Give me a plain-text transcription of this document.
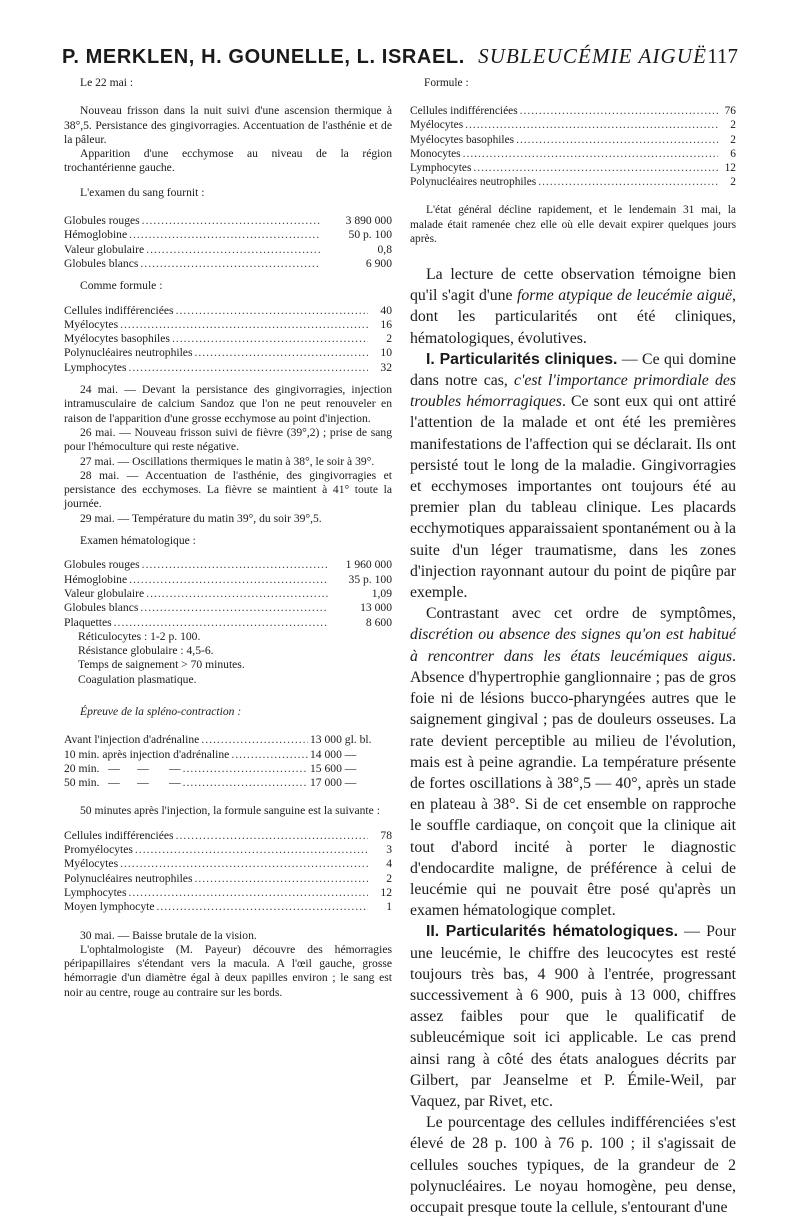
P. MERKLEN, H. GOUNELLE, L. ISRAEL. SUBLEUCÉMIE AIGUË 117

Le 22 mai :

Nouveau frisson dans la nuit suivi d'une ascension thermique à 38°,5. Persistance des gingivorragies. Accentuation de l'asthénie et de la pâleur.

Apparition d'une ecchymose au niveau de la région trochantérienne gauche.

L'examen du sang fournit :

Globules rouges .....	3 890 000
Hémoglobine .....	50 p. 100
Valeur globulaire .....	0,8
Globules blancs .....	6 900

Comme formule :

Cellules indifférenciées .....	40
Myélocytes .....	16
Myélocytes basophiles .....	2
Polynucléaires neutrophiles .....	10
Lymphocytes .....	32

24 mai. — Devant la persistance des gingivorragies, injection intramusculaire de calcium Sandoz que l'on ne peut renouveler en raison de l'apparition d'une grosse ecchymose au point d'injection.

26 mai. — Nouveau frisson suivi de fièvre (39°,2) ; prise de sang pour l'hémoculture qui reste négative.

27 mai. — Oscillations thermiques le matin à 38°, le soir à 39°.

28 mai. — Accentuation de l'asthénie, des gingivorragies et persistance des ecchymoses. La fièvre se maintient à 41° toute la journée.

29 mai. — Température du matin 39°, du soir 39°,5.

Examen hématologique :

Globules rouges .....	1 960 000
Hémoglobine .....	35 p. 100
Valeur globulaire .....	1,09
Globules blancs .....	13 000
Plaquettes .....	8 600

Réticulocytes : 1-2 p. 100.

Résistance globulaire : 4,5-6.

Temps de saignement > 70 minutes.

Coagulation plasmatique.

Épreuve de la spléno-contraction :

Avant l'injection d'adrénaline .....	13 000 gl. bl.
10 min. après injection d'adrénaline .....	14 000 —
20 min.   —      —       — .....	15 600 —
50 min.   —      —       — .....	17 000 —

50 minutes après l'injection, la formule sanguine est la suivante :

Cellules indifférenciées .....	78
Promyélocytes .....	3
Myélocytes .....	4
Polynucléaires neutrophiles .....	2
Lymphocytes .....	12
Moyen lymphocyte .....	1

30 mai. — Baisse brutale de la vision.

L'ophtalmologiste (M. Payeur) découvre des hémorragies péripapillaires s'étendant vers la macula. A l'œil gauche, grosse hémorragie d'un diamètre égal à deux papilles environ ; le sang est noir au centre, rouge au contraire sur les bords.

Formule :

Cellules indifférenciées .....	76
Myélocytes .....	2
Myélocytes basophiles .....	2
Monocytes .....	6
Lymphocytes .....	12
Polynucléaires neutrophiles .....	2

L'état général décline rapidement, et le lendemain 31 mai, la malade était ramenée chez elle où elle devait expirer quelques jours après.

La lecture de cette observation témoigne bien qu'il s'agit d'une forme atypique de leucémie aiguë, dont les particularités ont été cliniques, hématologiques, évolutives.

I. Particularités cliniques. — Ce qui domine dans notre cas, c'est l'importance primordiale des troubles hémorragiques. Ce sont eux qui ont attiré l'attention de la malade et ont été les premières manifestations de l'affection qui se déclarait. Ils ont persisté tout le long de la maladie. Gingivorragies et ecchymoses importantes ont toujours été au premier plan du tableau clinique. Les placards ecchymotiques apparaissaient spontanément ou à la suite d'un léger traumatisme, dans les zones d'injection rayonnant autour du point de piqûre par exemple.

Contrastant avec cet ordre de symptômes, discrétion ou absence des signes qu'on est habitué à rencontrer dans les états leucémiques aigus. Absence d'hypertrophie ganglionnaire ; pas de gros foie ni de lésions bucco-pharyngées autres que le saignement gingival ; pas de douleurs osseuses. La rate devient perceptible au milieu de l'évolution, mais est à peine agrandie. La température présente de fortes oscillations à 38°,5 — 40°, après un stade en plateau à 38°. Si de cet ensemble on rapproche le souffle cardiaque, on conçoit que la clinique ait tout d'abord incité à porter le diagnostic d'endocardite maligne, de préférence à celui de leucémie qui ne pouvait être posé qu'après un examen hématologique complet.

II. Particularités hématologiques. — Pour une leucémie, le chiffre des leucocytes est resté toujours très bas, 4 900 à l'entrée, progressant successivement à 6 900, puis à 13 000, chiffres assez faibles pour que le qualificatif de subleucémique soit ici applicable. Le cas prend ainsi rang à côté des états analogues décrits par Gilbert, par Jeanselme et P. Émile-Weil, par Vaquez, par Rivet, etc.

Le pourcentage des cellules indifférenciées s'est élevé de 28 p. 100 à 76 p. 100 ; il s'agissait de cellules souches typiques, de la grandeur de 2 polynucléaires. Le noyau homogène, peu dense, occupait presque toute la cellule, s'entourant d'une
